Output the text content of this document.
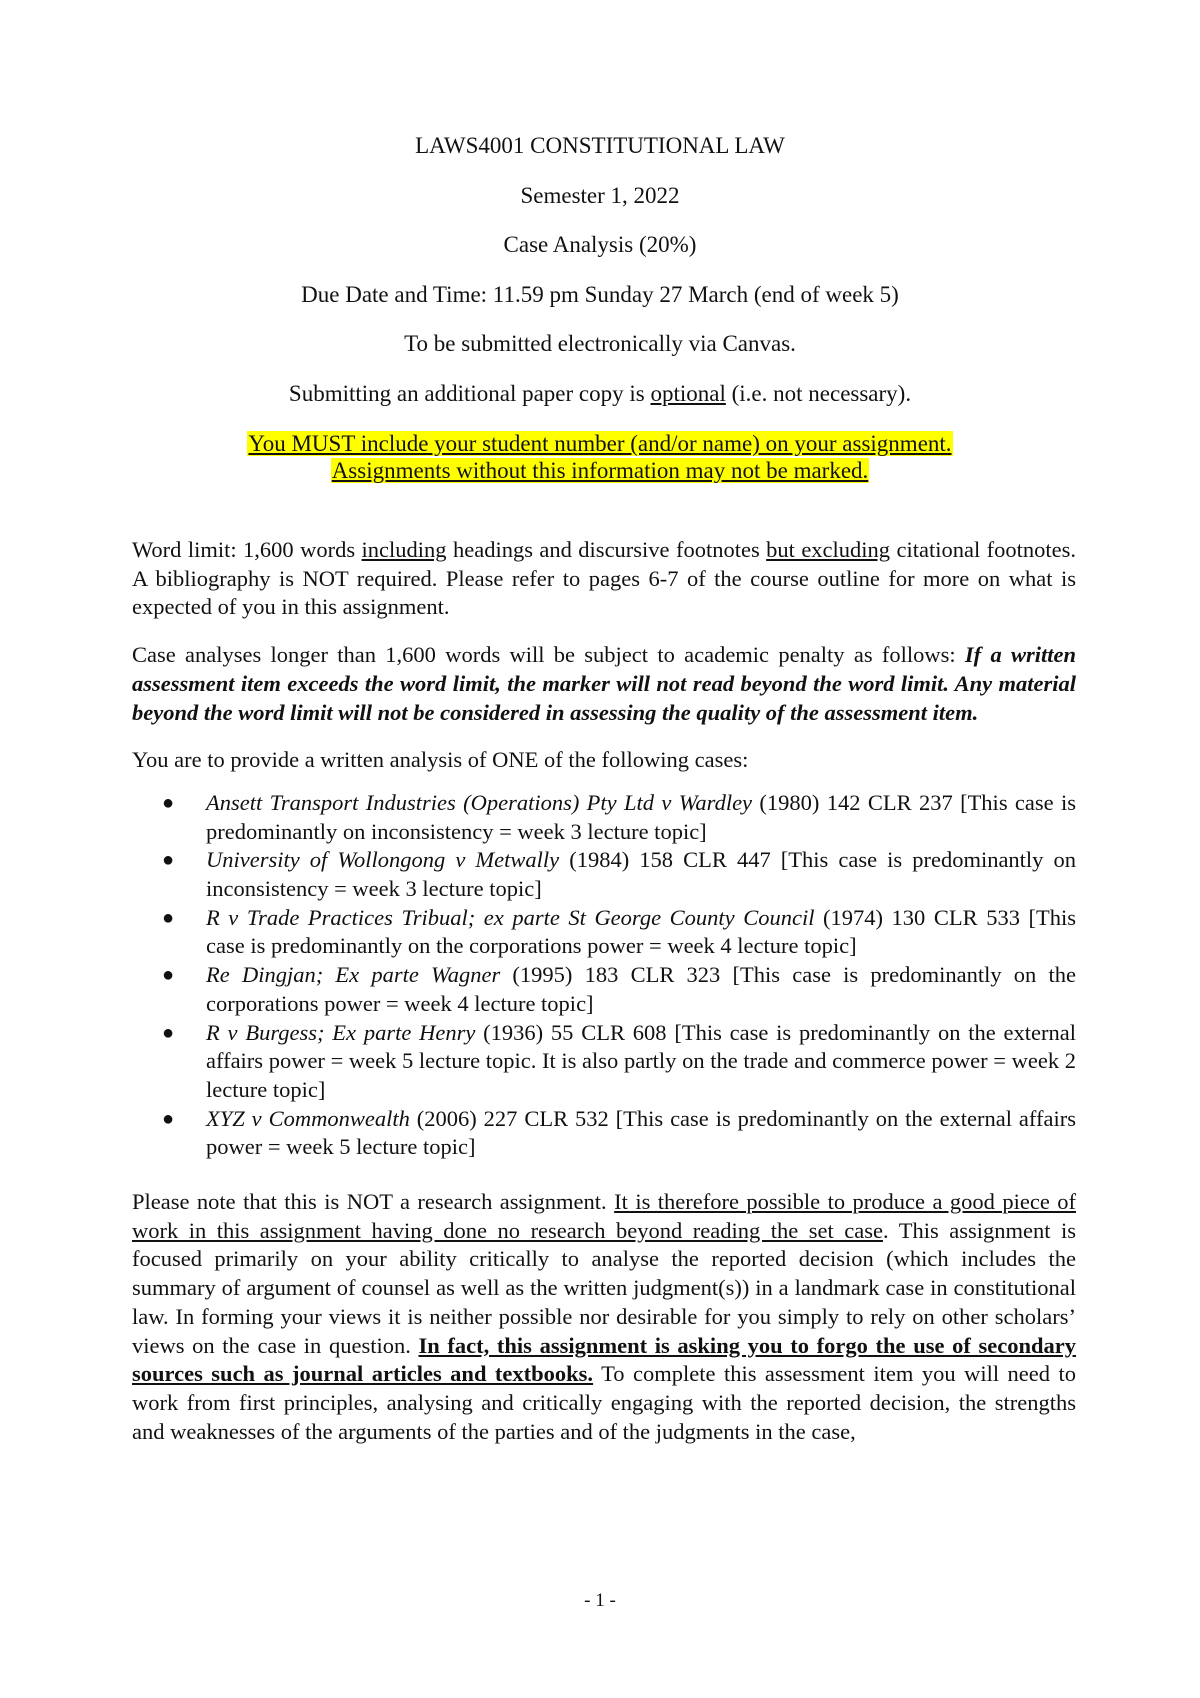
LAWS4001 CONSTITUTIONAL LAW

Semester 1, 2022

Case Analysis (20%)

Due Date and Time: 11.59 pm Sunday 27 March (end of week 5)

To be submitted electronically via Canvas.

Submitting an additional paper copy is optional (i.e. not necessary).

You MUST include your student number (and/or name) on your assignment.
Assignments without this information may not be marked.

Word limit: 1,600 words including headings and discursive footnotes but excluding citational footnotes. A bibliography is NOT required. Please refer to pages 6-7 of the course outline for more on what is expected of you in this assignment.

Case analyses longer than 1,600 words will be subject to academic penalty as follows: If a written assessment item exceeds the word limit, the marker will not read beyond the word limit. Any material beyond the word limit will not be considered in assessing the quality of the assessment item.

You are to provide a written analysis of ONE of the following cases:

● Ansett Transport Industries (Operations) Pty Ltd v Wardley (1980) 142 CLR 237 [This case is predominantly on inconsistency = week 3 lecture topic]
● University of Wollongong v Metwally (1984) 158 CLR 447 [This case is predominantly on inconsistency = week 3 lecture topic]
● R v Trade Practices Tribual; ex parte St George County Council (1974) 130 CLR 533 [This case is predominantly on the corporations power = week 4 lecture topic]
● Re Dingjan; Ex parte Wagner (1995) 183 CLR 323 [This case is predominantly on the corporations power = week 4 lecture topic]
● R v Burgess; Ex parte Henry (1936) 55 CLR 608 [This case is predominantly on the external affairs power = week 5 lecture topic. It is also partly on the trade and commerce power = week 2 lecture topic]
● XYZ v Commonwealth (2006) 227 CLR 532 [This case is predominantly on the external affairs power = week 5 lecture topic]

Please note that this is NOT a research assignment. It is therefore possible to produce a good piece of work in this assignment having done no research beyond reading the set case. This assignment is focused primarily on your ability critically to analyse the reported decision (which includes the summary of argument of counsel as well as the written judgment(s)) in a landmark case in constitutional law. In forming your views it is neither possible nor desirable for you simply to rely on other scholars’ views on the case in question. In fact, this assignment is asking you to forgo the use of secondary sources such as journal articles and textbooks. To complete this assessment item you will need to work from first principles, analysing and critically engaging with the reported decision, the strengths and weaknesses of the arguments of the parties and of the judgments in the case,

- 1 -
